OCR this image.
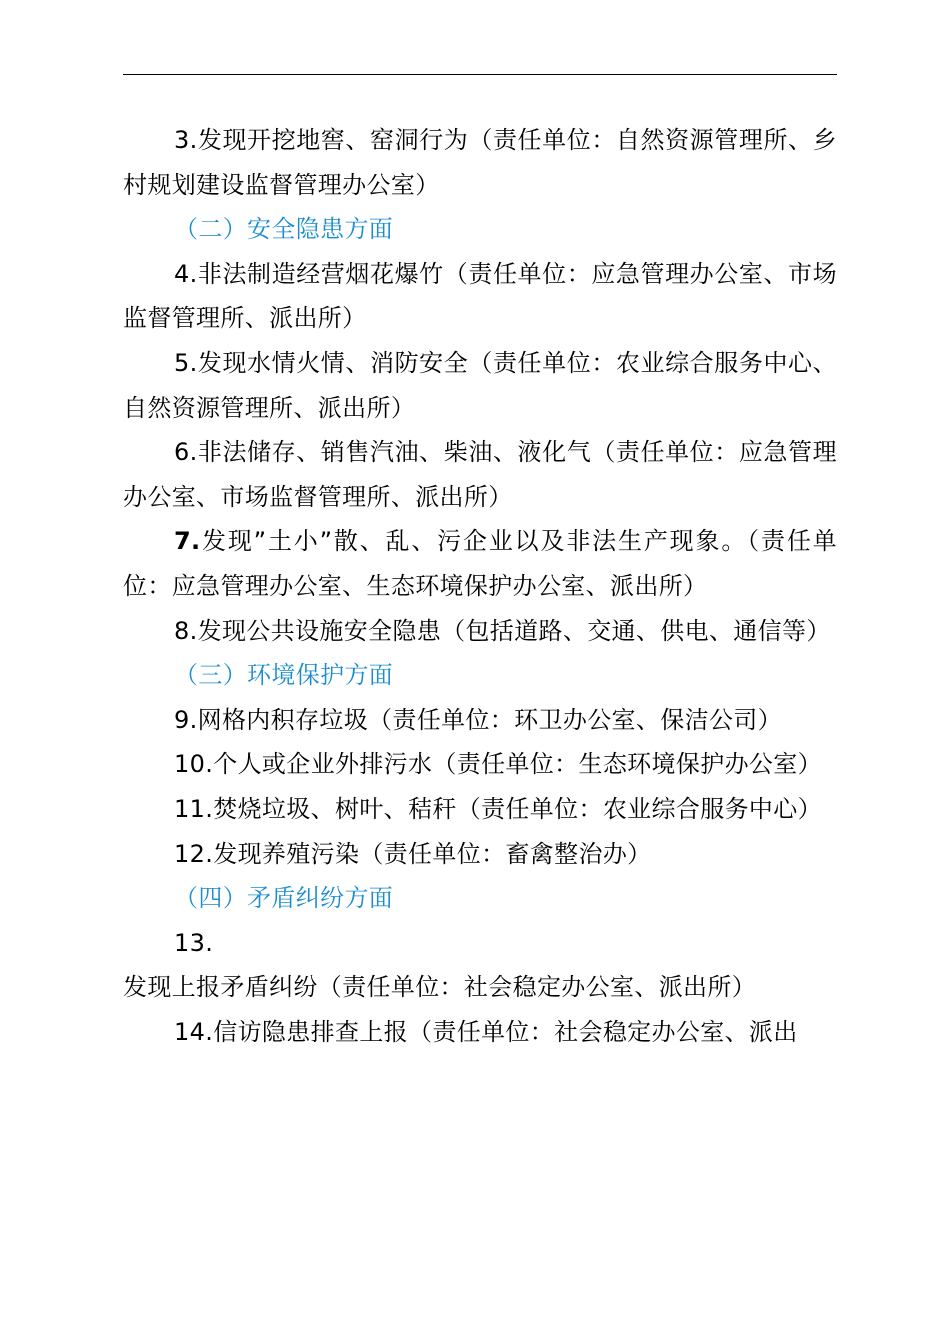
3.发现开挖地窖、窑洞行为（责任单位：自然资源管理所、乡村规划建设监督管理办公室）

（二）安全隐患方面

4.非法制造经营烟花爆竹（责任单位：应急管理办公室、市场监督管理所、派出所）

5.发现水情火情、消防安全（责任单位：农业综合服务中心、自然资源管理所、派出所）

6.非法储存、销售汽油、柴油、液化气（责任单位：应急管理办公室、市场监督管理所、派出所）

7.发现”土小”散、乱、污企业以及非法生产现象。（责任单位：应急管理办公室、生态环境保护办公室、派出所）

8.发现公共设施安全隐患（包括道路、交通、供电、通信等）

（三）环境保护方面

9.网格内积存垃圾（责任单位：环卫办公室、保洁公司）

10.个人或企业外排污水（责任单位：生态环境保护办公室）

11.焚烧垃圾、树叶、秸秆（责任单位：农业综合服务中心）

12.发现养殖污染（责任单位：畜禽整治办）

（四）矛盾纠纷方面

13.发现上报矛盾纠纷（责任单位：社会稳定办公室、派出所）

14.信访隐患排查上报（责任单位：社会稳定办公室、派出
